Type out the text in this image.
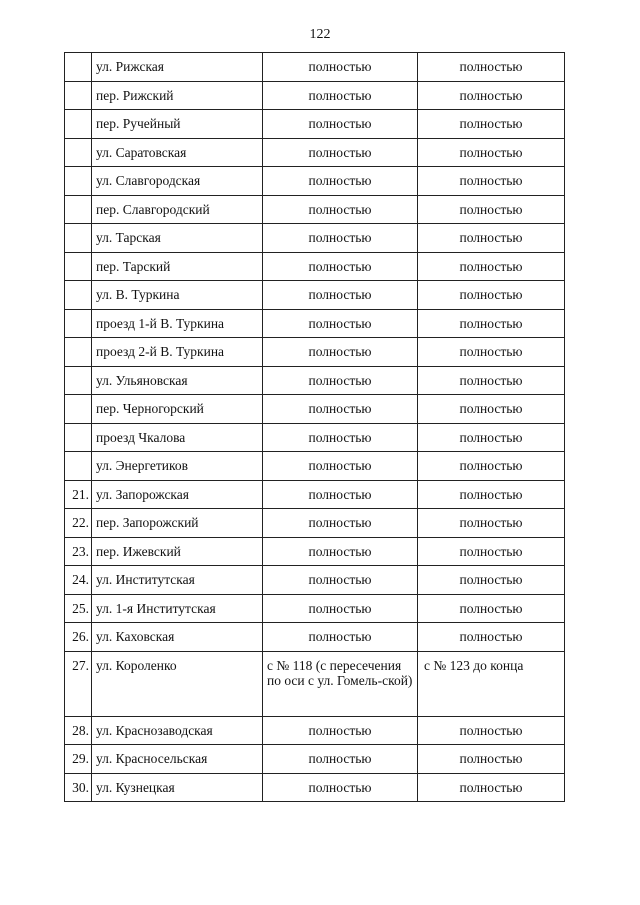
122
	ул. Рижская	полностью	полностью
	пер. Рижский	полностью	полностью
	пер. Ручейный	полностью	полностью
	ул. Саратовская	полностью	полностью
	ул. Славгородская	полностью	полностью
	пер. Славгородский	полностью	полностью
	ул. Тарская	полностью	полностью
	пер. Тарский	полностью	полностью
	ул. В. Туркина	полностью	полностью
	проезд 1-й В. Туркина	полностью	полностью
	проезд 2-й В. Туркина	полностью	полностью
	ул. Ульяновская	полностью	полностью
	пер. Черногорский	полностью	полностью
	проезд Чкалова	полностью	полностью
	ул. Энергетиков	полностью	полностью
21.	ул. Запорожская	полностью	полностью
22.	пер. Запорожский	полностью	полностью
23.	пер. Ижевский	полностью	полностью
24.	ул. Институтская	полностью	полностью
25.	ул. 1-я Институтская	полностью	полностью
26.	ул. Каховская	полностью	полностью
27.	ул. Короленко	с № 118 (с пересечения по оси с ул. Гомель-ской)	с № 123 до конца
28.	ул. Краснозаводская	полностью	полностью
29.	ул. Красносельская	полностью	полностью
30.	ул. Кузнецкая	полностью	полностью
